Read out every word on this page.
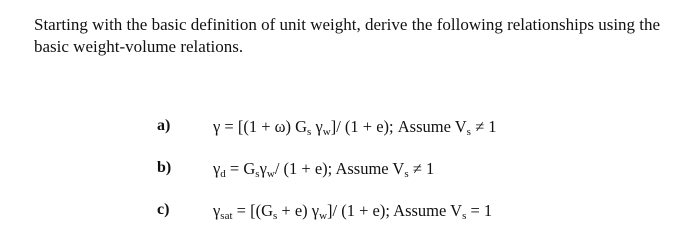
Starting with the basic definition of unit weight, derive the following relationships using the
basic weight-volume relations.

a)	γ = [(1 + ω) $G_s$ $\gamma_w]/$ (1 + e); Assume $V_s \ne 1$
b)	$\gamma_d = G_s\gamma_w/$ (1 + e); Assume $V_s \ne 1$
c)	$\gamma_{sat} = [(G_s + e)$ $\gamma_w]/$ (1 + e); Assume $V_s = 1$
